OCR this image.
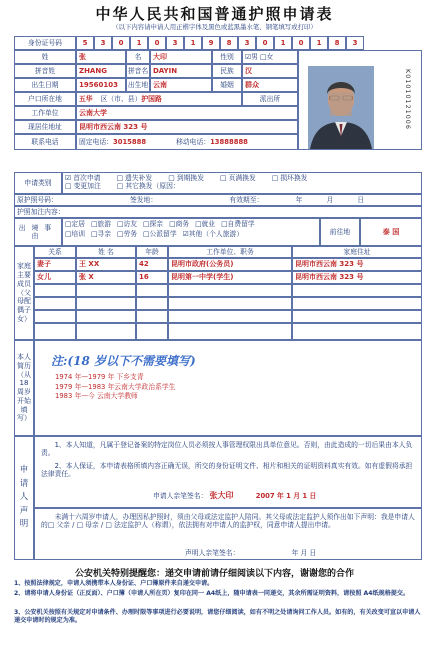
中华人民共和国普通护照申请表
（以下内容请申请人用正楷字体及黑色或蓝黑墨水笔、钢笔填写或打印）
身份证号码	5	3	0	1	0	3	1	9	8	3	0	1	0	1	8	3
姓	张	名	大印	性别	☑男 □女
拼音姓	ZHANG	拼音名 DAYIN	民族	汉
出生日期	19560103	出生地 云南	婚姻	群众
户口所在地	五华 区（市、县） 护国路	派出所
工作单位	云南大学
现居住地址	昆明市西云南 323 号
联系电话	固定电话： 3015888	移动电话： 13888888
K01010121006
申请类别
☑ 首次申请 □ 遗失补发 □ 到期换发 □ 页满换发 □ 损坏换发
□ 变更加注 □ 其它换发（原因：
原护照号码：	签发地：	有效期至：	年	月	日
护照加注内容：
出境事由
□定居 □旅游 □访友 □探亲 □商务 □就业 □自费留学
□培训 □寻亲 □劳务 □公派留学 ☑其他（个人旅游）	前往地	泰 国
家庭主要成员（父母配偶子女）
关系	姓 名	年龄	工作单位、职务	家庭住址
妻子	王 XX	42	昆明市政府(公务员)	昆明市西云南 323 号
女儿	张 X	16	昆明第一中学(学生)	昆明市西云南 323 号
本人简历（从18周岁开始填写）
注:(18 岁以下不需要填写)
1974 年—1979 年 下乡支青
1979 年—1983 年云南大学政治系学生
1983 年—今 云南大学教师
申请人声明
1、本人知道，凡属于登记备案的特定岗位人员必须按人事管理权限出具单位意见。否则，由此造成的一切后果由本人负责。
2、本人保证，本申请表格所填内容正确无误，所交的身份证明文件、相片和相关的证明资料真实有效。如有虚假将承担法律责任。
申请人亲笔签名： 张大印	2007 年 1 月 1 日
未满十六周岁申请人，办理因私护照时，须由父母或法定监护人陪同。其父母或法定监护人须作出如下声明：我是申请人的□ 父亲 / □ 母亲 / □ 法定监护人（称谓），依法拥有对申请人的监护权，同意申请人提出申请。
声明人亲笔签名：	年 月 日
公安机关特别提醒您：递交申请前请仔细阅读以下内容，谢谢您的合作
1、按照法律规定，申请人须携带本人身份证、户口簿原件来自递交申请。
2、请将申请人身份证（正反面）、户口簿（申请人所在页）复印在同一 A4纸上，随申请表一同递交，其余所需证明资料，请按照 A4纸规格提交。
3、公安机关按照有关规定对申请条件、办理时限等事项进行必要说明，请您仔细阅读，如有不明之处请询问工作人员。如有的，有关改变可宣以申请人递交申请时的规定为准。
